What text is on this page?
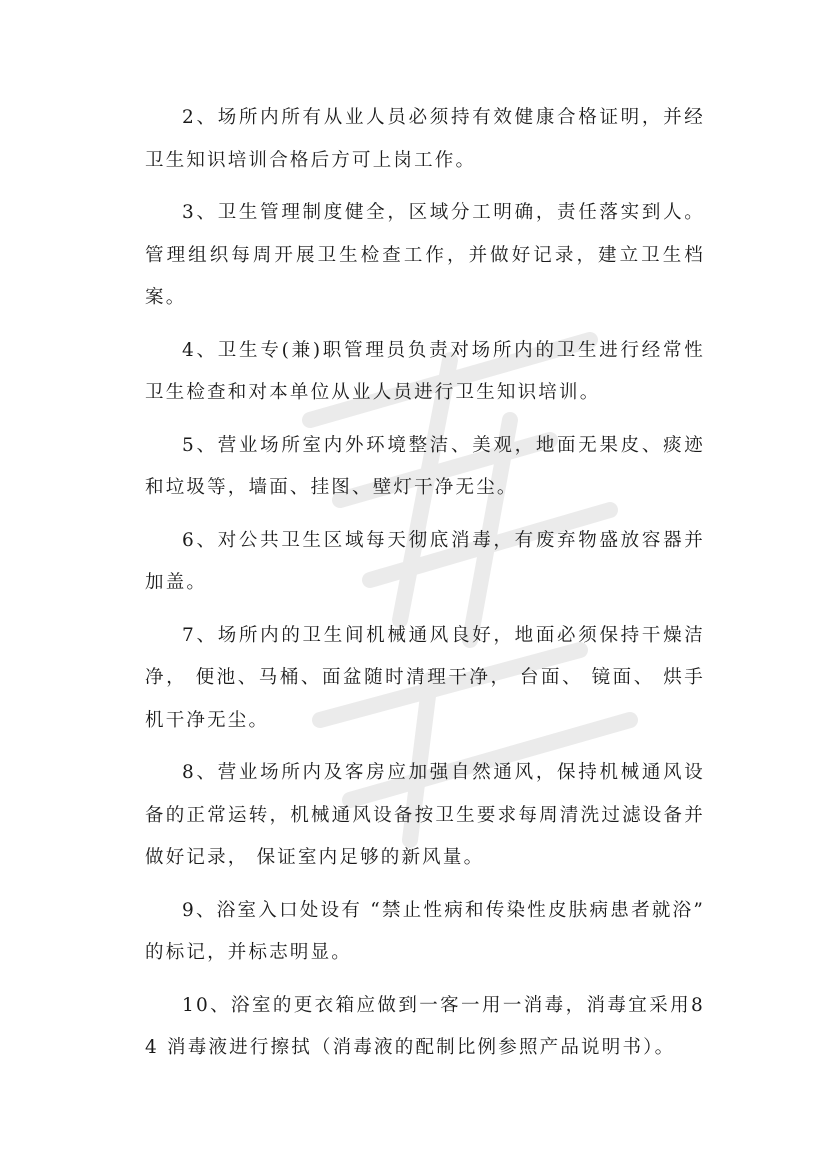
2、场所内所有从业人员必须持有效健康合格证明，并经卫生知识培训合格后方可上岗工作。

3、卫生管理制度健全，区域分工明确，责任落实到人。管理组织每周开展卫生检查工作，并做好记录，建立卫生档案。

4、卫生专(兼)职管理员负责对场所内的卫生进行经常性卫生检查和对本单位从业人员进行卫生知识培训。

5、营业场所室内外环境整洁、美观，地面无果皮、痰迹和垃圾等，墙面、挂图、壁灯干净无尘。

6、对公共卫生区域每天彻底消毒，有废弃物盛放容器并加盖。

7、场所内的卫生间机械通风良好，地面必须保持干燥洁净， 便池、马桶、面盆随时清理干净， 台面、 镜面、 烘手机干净无尘。

8、营业场所内及客房应加强自然通风，保持机械通风设备的正常运转，机械通风设备按卫生要求每周清洗过滤设备并做好记录， 保证室内足够的新风量。

9、浴室入口处设有 “禁止性病和传染性皮肤病患者就浴” 的标记，并标志明显。

10、浴室的更衣箱应做到一客一用一消毒，消毒宜采用84 消毒液进行擦拭（消毒液的配制比例参照产品说明书）。
